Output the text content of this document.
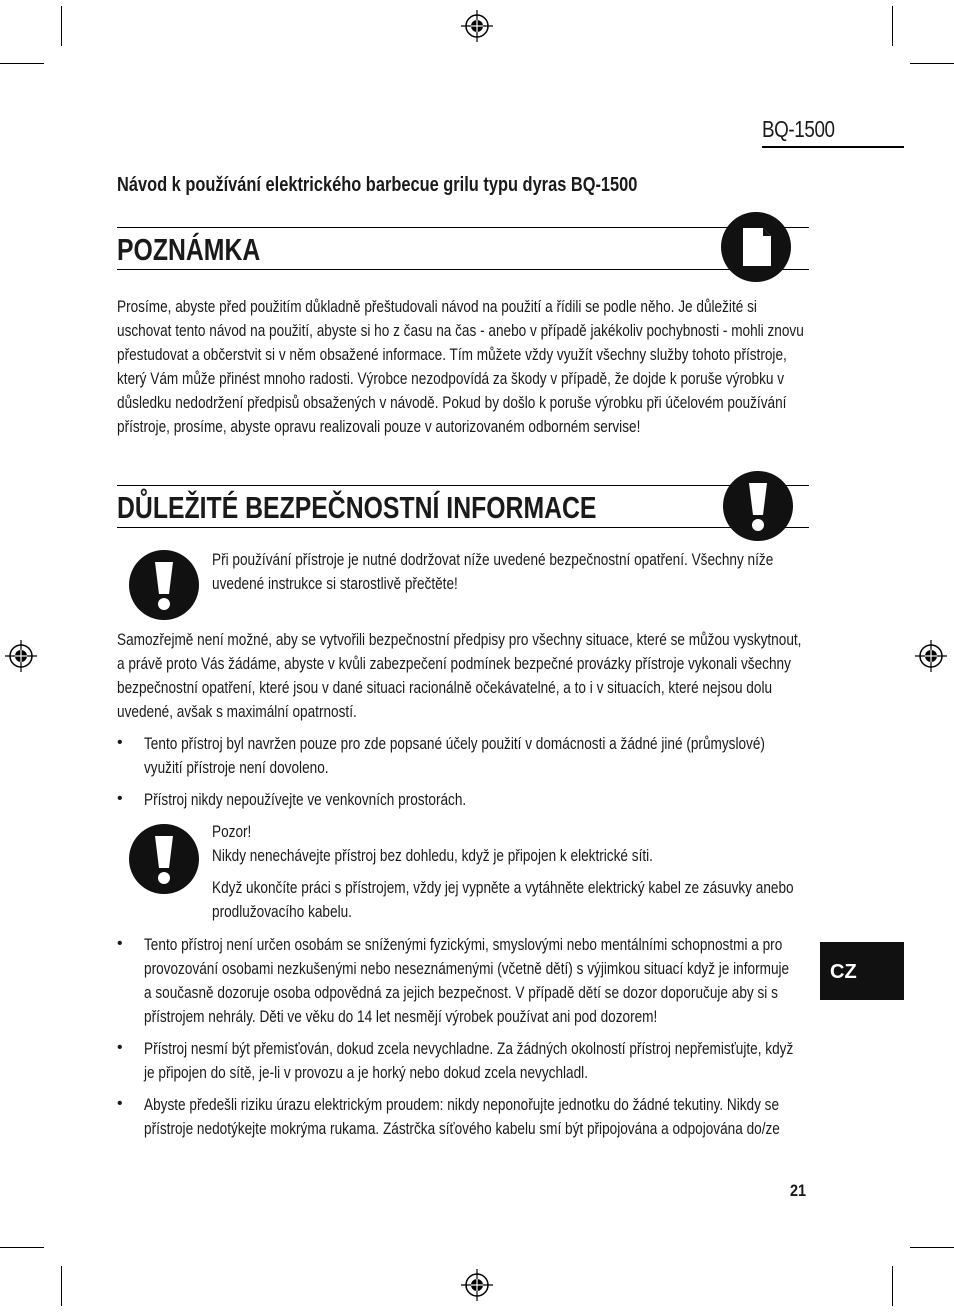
BQ-1500
Návod k používání elektrického barbecue grilu typu dyras BQ-1500
POZNÁMKA
Prosíme, abyste před použitím důkladně přeštudovali návod na použití a řídili se podle něho. Je důležité si
uschovat tento návod na použití, abyste si ho z času na čas - anebo v případě jakékoliv pochybnosti - mohli znovu
přestudovat a občerstvit si v něm obsažené informace. Tím můžete vždy využít všechny služby tohoto přístroje,
který Vám může přinést mnoho radosti. Výrobce nezodpovídá za škody v případě, že dojde k poruše výrobku v
důsledku nedodržení předpisů obsažených v návodě. Pokud by došlo k poruše výrobku při účelovém používání
přístroje, prosíme, abyste opravu realizovali pouze v autorizovaném odborném servise!
DŮLEŽITÉ BEZPEČNOSTNÍ INFORMACE
Při používání přístroje je nutné dodržovat níže uvedené bezpečnostní opatření. Všechny níže
uvedené instrukce si starostlivě přečtěte!
Samozřejmě není možné, aby se vytvořili bezpečnostní předpisy pro všechny situace, které se můžou vyskytnout,
a právě proto Vás žádáme, abyste v kvůli zabezpečení podmínek bezpečné provázky přístroje vykonali všechny
bezpečnostní opatření, které jsou v dané situaci racionálně očekávatelné, a to i v situacích, které nejsou dolu
uvedené, avšak s maximální opatrností.
• Tento přístroj byl navržen pouze pro zde popsané účely použití v domácnosti a žádné jiné (průmyslové)
využití přístroje není dovoleno.
• Přístroj nikdy nepoužívejte ve venkovních prostorách.
Pozor!
Nikdy nenechávejte přístroj bez dohledu, když je připojen k elektrické síti.
Když ukončíte práci s přístrojem, vždy jej vypněte a vytáhněte elektrický kabel ze zásuvky anebo
prodlužovacího kabelu.
• Tento přístroj není určen osobám se sníženými fyzickými, smyslovými nebo mentálními schopnostmi a pro
provozování osobami nezkušenými nebo neseznámenými (včetně dětí) s výjimkou situací když je informuje
a současně dozoruje osoba odpovědná za jejich bezpečnost. V případě dětí se dozor doporučuje aby si s
přístrojem nehrály. Děti ve věku do 14 let nesmějí výrobek používat ani pod dozorem!
• Přístroj nesmí být přemisťován, dokud zcela nevychladne. Za žádných okolností přístroj nepřemisťujte, když
je připojen do sítě, je-li v provozu a je horký nebo dokud zcela nevychladl.
• Abyste předešli riziku úrazu elektrickým proudem: nikdy neponořujte jednotku do žádné tekutiny. Nikdy se
přístroje nedotýkejte mokrýma rukama. Zástrčka síťového kabelu smí být připojována a odpojována do/ze
CZ
21
